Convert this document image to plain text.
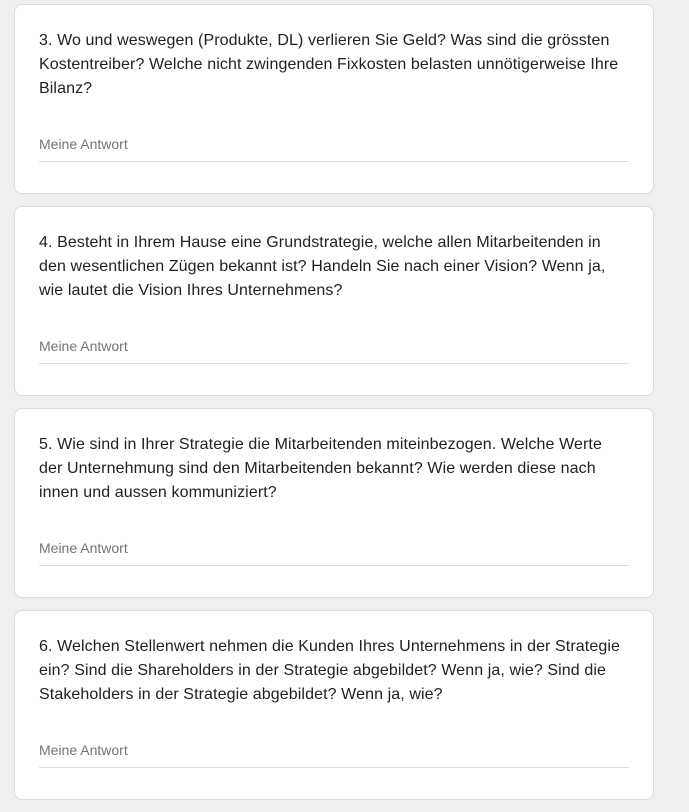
3. Wo und weswegen (Produkte, DL) verlieren Sie Geld? Was sind die grössten Kostentreiber? Welche nicht zwingenden Fixkosten belasten unnötigerweise Ihre Bilanz?

Meine Antwort

4. Besteht in Ihrem Hause eine Grundstrategie, welche allen Mitarbeitenden in den wesentlichen Zügen bekannt ist? Handeln Sie nach einer Vision? Wenn ja, wie lautet die Vision Ihres Unternehmens?

Meine Antwort

5. Wie sind in Ihrer Strategie die Mitarbeitenden miteinbezogen. Welche Werte der Unternehmung sind den Mitarbeitenden bekannt? Wie werden diese nach innen und aussen kommuniziert?

Meine Antwort

6. Welchen Stellenwert nehmen die Kunden Ihres Unternehmens in der Strategie ein? Sind die Shareholders in der Strategie abgebildet? Wenn ja, wie? Sind die Stakeholders in der Strategie abgebildet? Wenn ja, wie?

Meine Antwort
